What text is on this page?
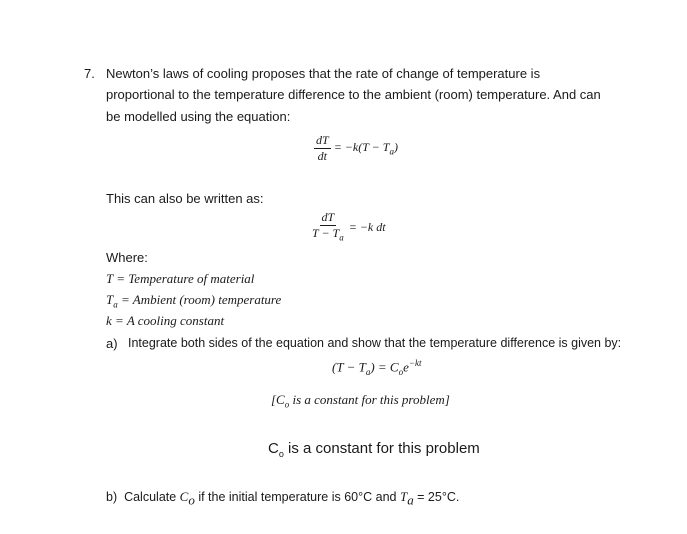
7. Newton’s laws of cooling proposes that the rate of change of temperature is
proportional to the temperature difference to the ambient (room) temperature. And can
be modelled using the equation:
$\frac{dT}{dt} = -k(T - T_a)$
This can also be written as:
$\frac{dT}{T - T_a} = -k$ dt
Where:
T = Temperature of material
$T_a$ = Ambient (room) temperature
k = A cooling constant
a) Integrate both sides of the equation and show that the temperature difference is given by:
$(T - T_a) = C_oe^{-kt}$
[$C_o$ is a constant for this problem]
$C_o$ is a constant for this problem
b) Calculate $C_o$ if the initial temperature is 60°C and $T_a = 25^\circ C$.
